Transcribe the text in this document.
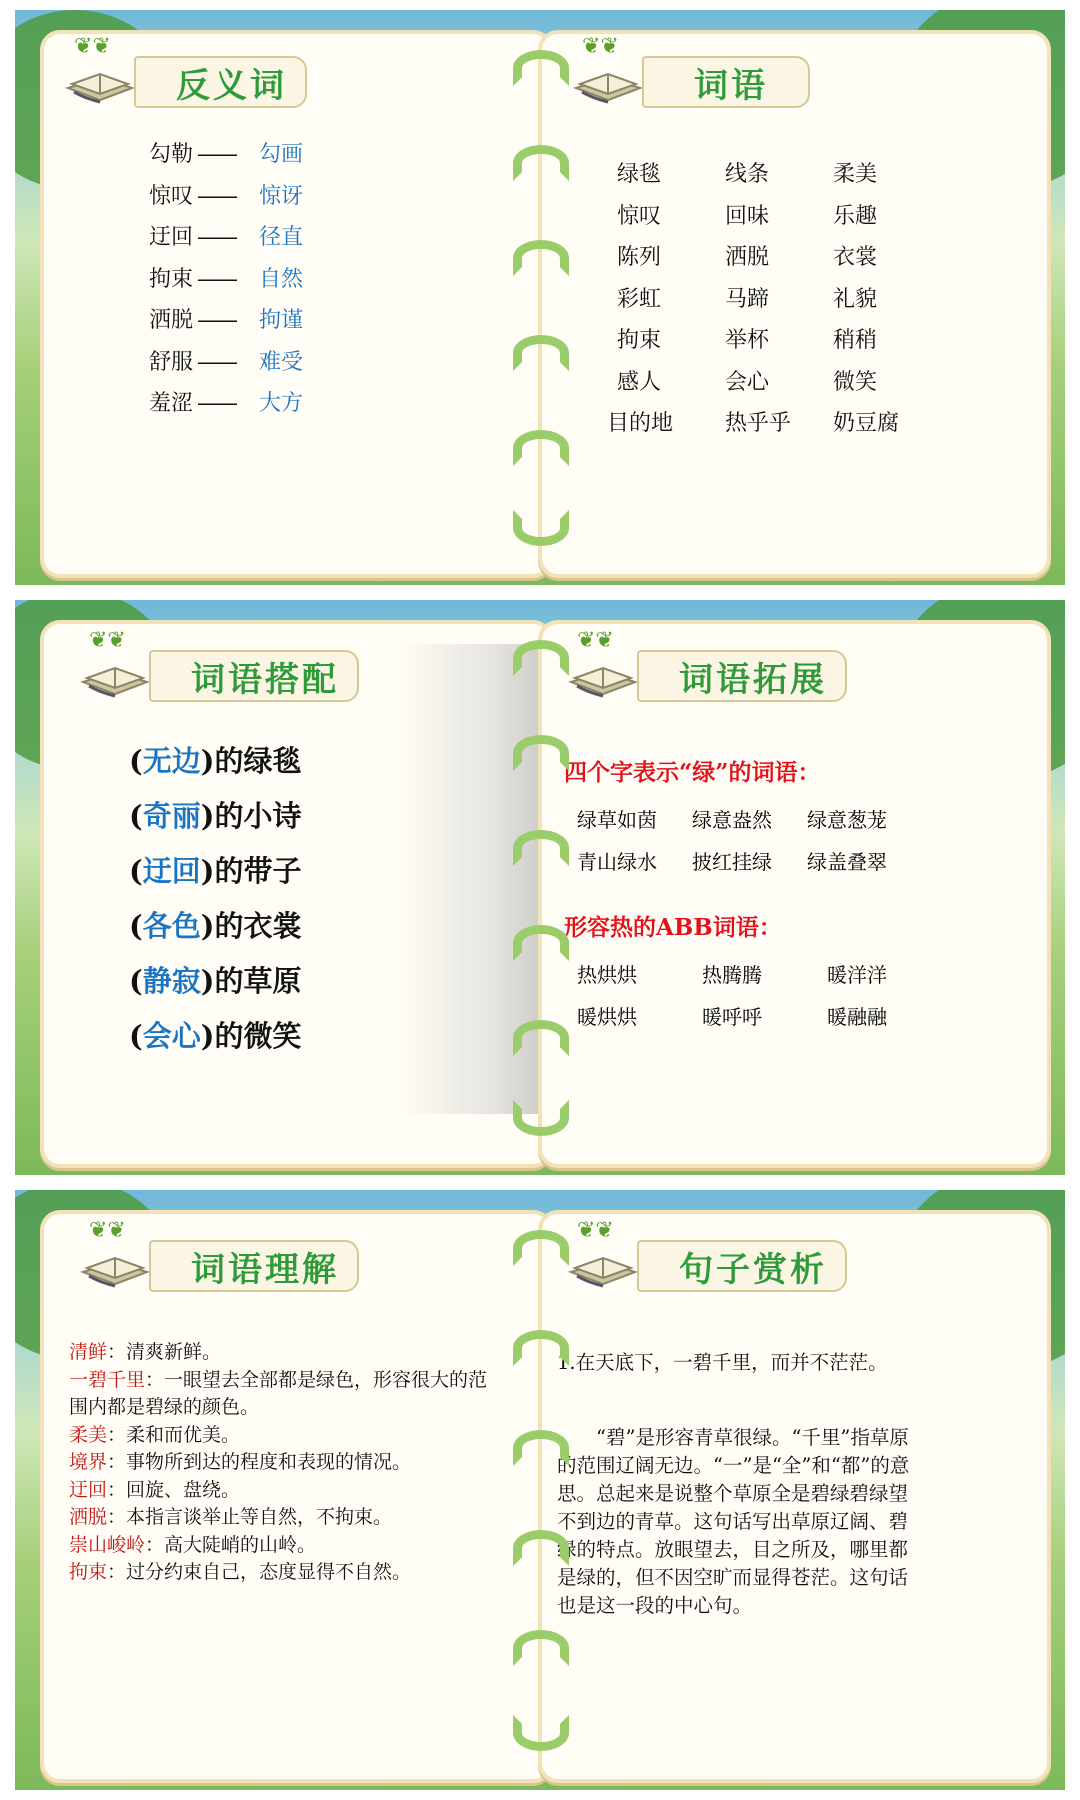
❦❦
反义词
勾勒 ——	勾画
惊叹 ——	惊讶
迂回 ——	径直
拘束 ——	自然
洒脱 ——	拘谨
舒服 ——	难受
羞涩 ——	大方
❦❦
词语
绿毯	线条	柔美
惊叹	回味	乐趣
陈列	洒脱	衣裳
彩虹	马蹄	礼貌
拘束	举杯	稍稍
感人	会心	微笑
目的地	热乎乎	奶豆腐
❦❦
词语搭配
(无边)的绿毯
(奇丽)的小诗
(迂回)的带子
(各色)的衣裳
(静寂)的草原
(会心)的微笑
❦❦
词语拓展
四个字表示“绿”的词语：
绿草如茵	绿意盎然	绿意葱茏
青山绿水	披红挂绿	绿盖叠翠
形容热的ABB词语：
热烘烘	热腾腾	暖洋洋
暖烘烘	暖呼呼	暖融融
❦❦
词语理解
清鲜：清爽新鲜。
一碧千里：一眼望去全部都是绿色，形容很大的范围内都是碧绿的颜色。
柔美：柔和而优美。
境界：事物所到达的程度和表现的情况。
迂回：回旋、盘绕。
洒脱：本指言谈举止等自然，不拘束。
崇山峻岭：高大陡峭的山岭。
拘束：过分约束自己，态度显得不自然。
❦❦
句子赏析
1.在天底下，一碧千里，而并不茫茫。
“碧”是形容青草很绿。“千里”指草原的范围辽阔无边。“一”是“全”和“都”的意思。总起来是说整个草原全是碧绿碧绿望不到边的青草。这句话写出草原辽阔、碧绿的特点。放眼望去，目之所及，哪里都是绿的，但不因空旷而显得苍茫。这句话也是这一段的中心句。
